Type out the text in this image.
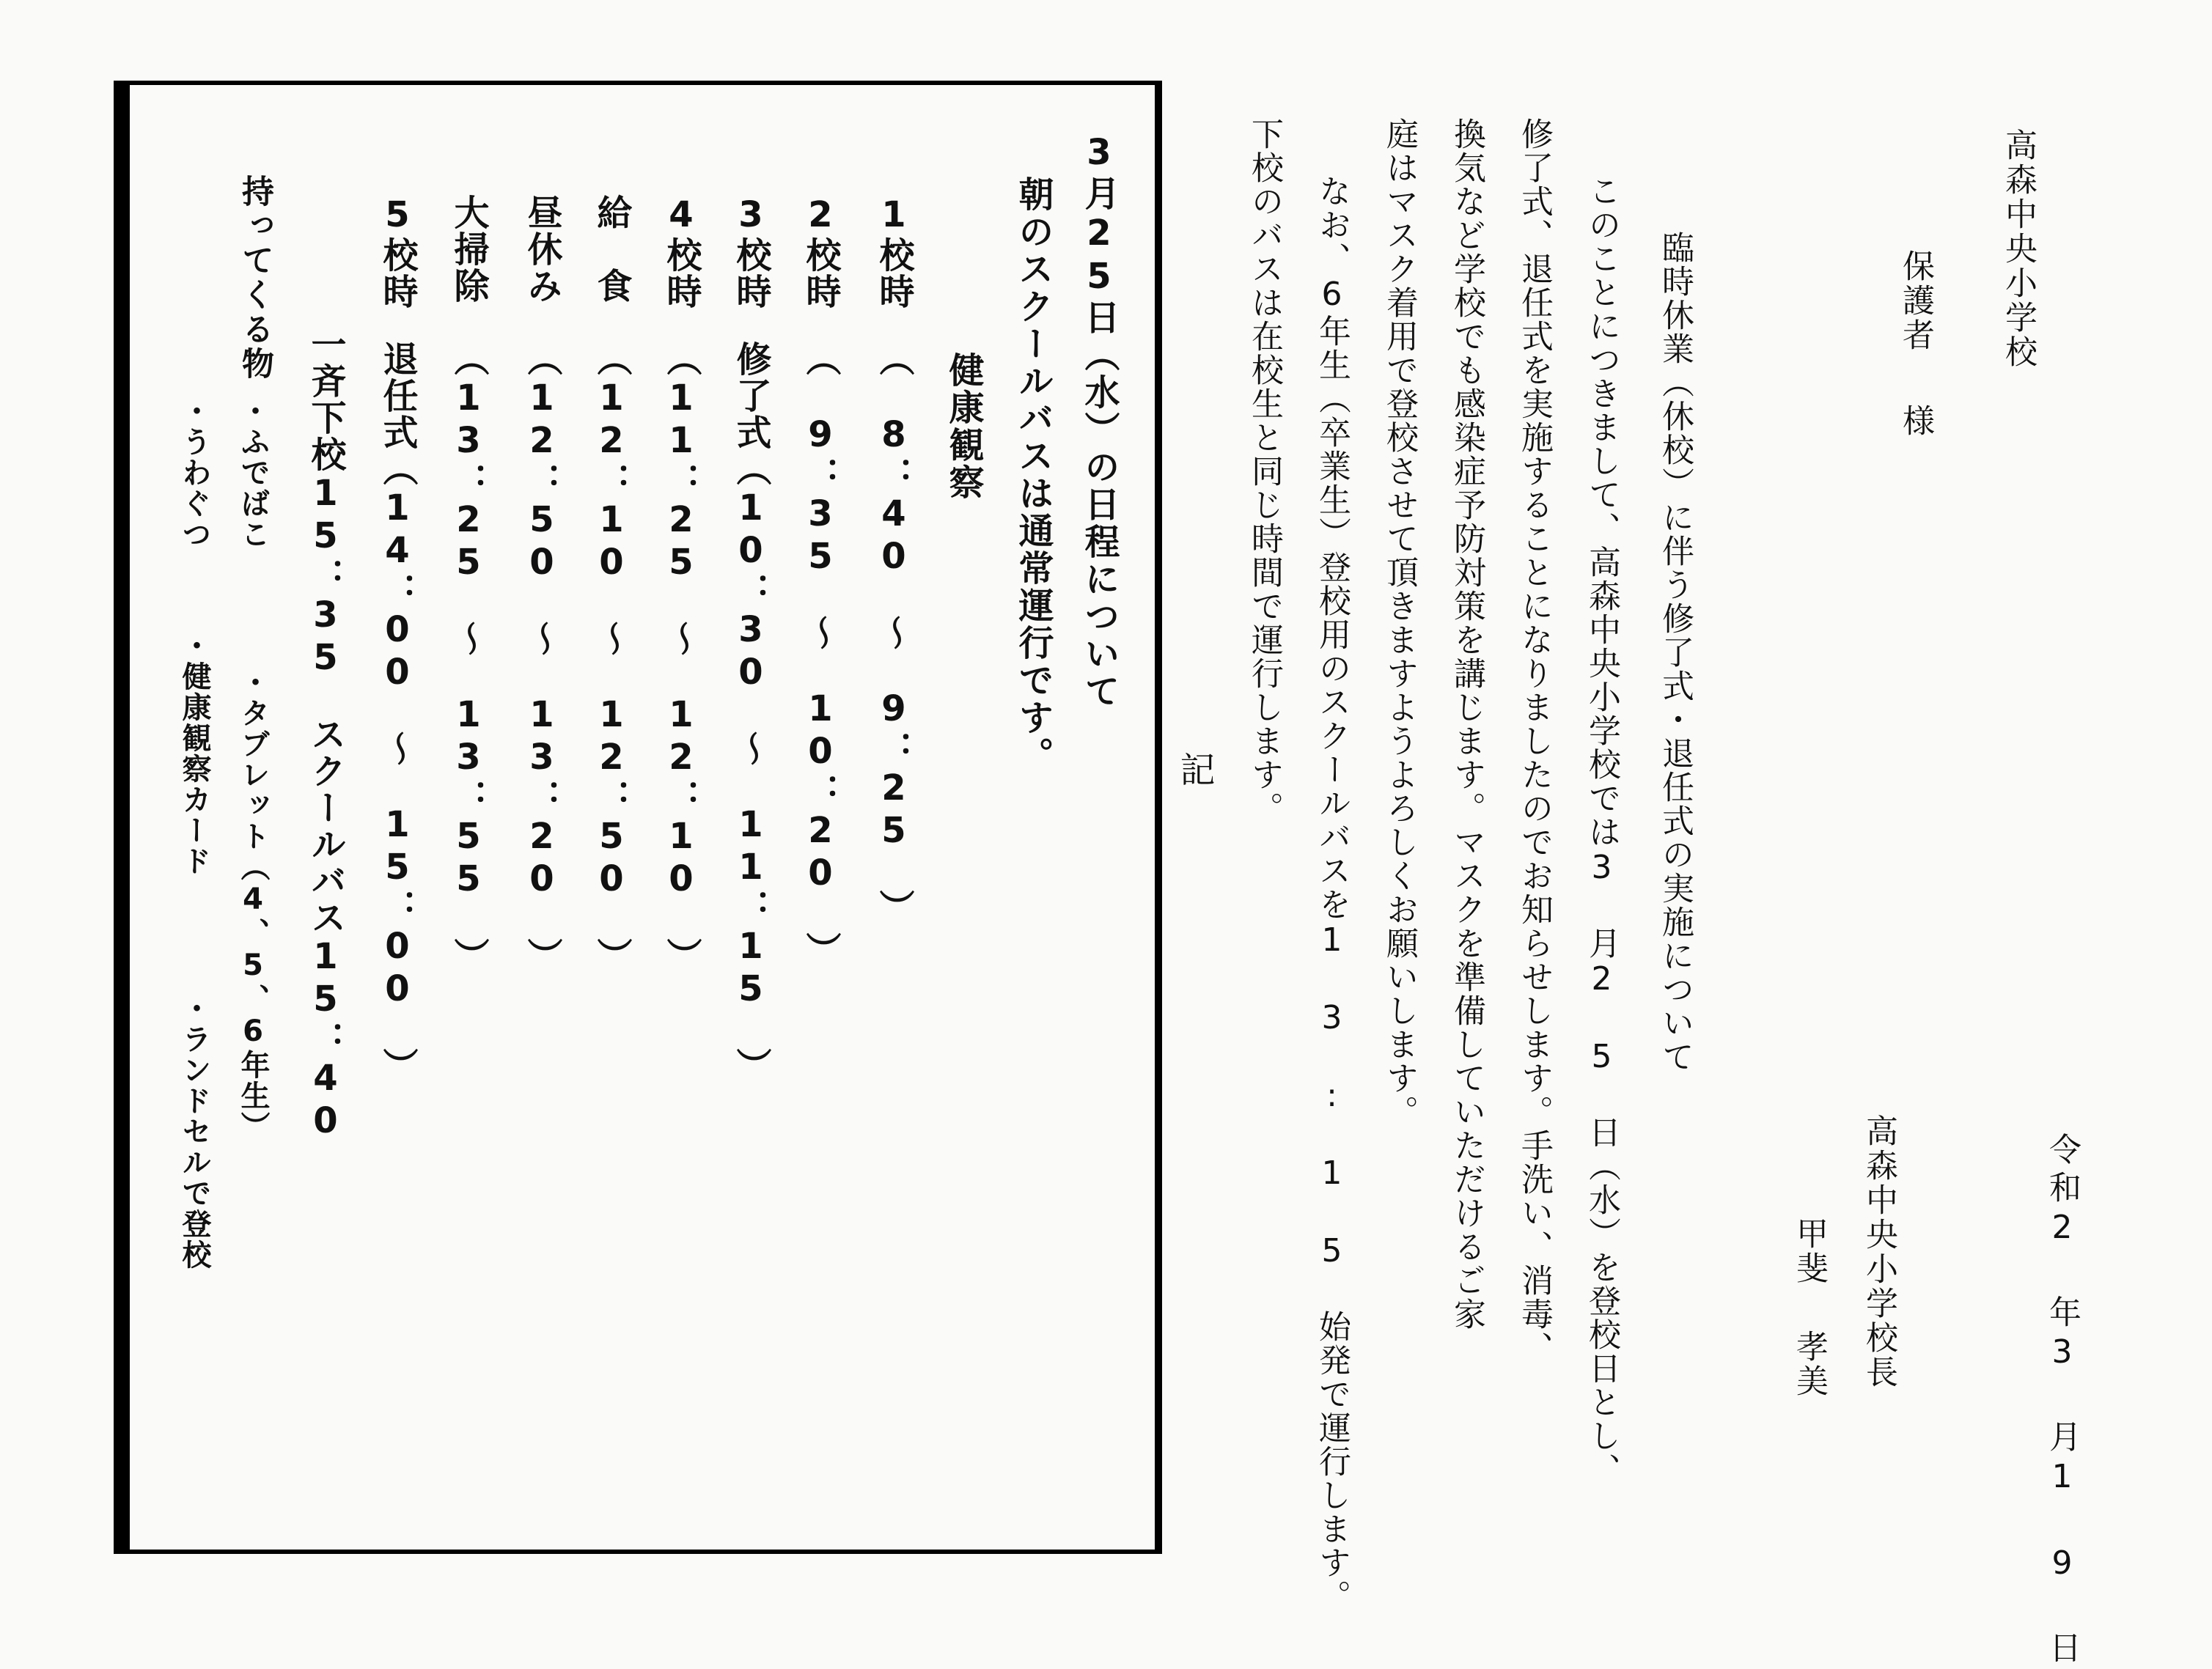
高森中央小学校
保護者様
令和2 年3 月1 9 日
高森中央小学校長
甲斐孝美
臨時休業（休校）に伴う修了式・退任式の実施について
このことにつきまして、高森中央小学校では3 月2 5 日（水）を登校日とし、
修了式、退任式を実施することになりましたのでお知らせします。手洗い、消毒、
換気など学校でも感染症予防対策を講じます。マスクを準備していただけるご家
庭はマスク着用で登校させて頂きますようよろしくお願いします。
なお、6年生（卒業生）登校用のスクールバスを1 3 : 1 5 始発で運行します。
下校のバスは在校生と同じ時間で運行します。
記
3月25日（水）の日程について
朝のスクールバスは通常運行です。
健康観察
1校時（　8：40　～　9：25　）
2校時（　9：35　～　10：20　）
3校時修了式（10：30　～　11：15　）
4校時（11：25　～　12：10　）
給　食（12：10　～　12：50　）
昼休み（12：50　～　13：20　）
大掃除（13：25　～　13：55　）
5校時退任式（14：00　～　15：00　）
一斉下校15：35　スクールバス15：40
持ってくる物
・ふでばこ
・タブレット（4、5、6年生）
・うわぐつ
・健康観察カード
・ランドセルで登校
